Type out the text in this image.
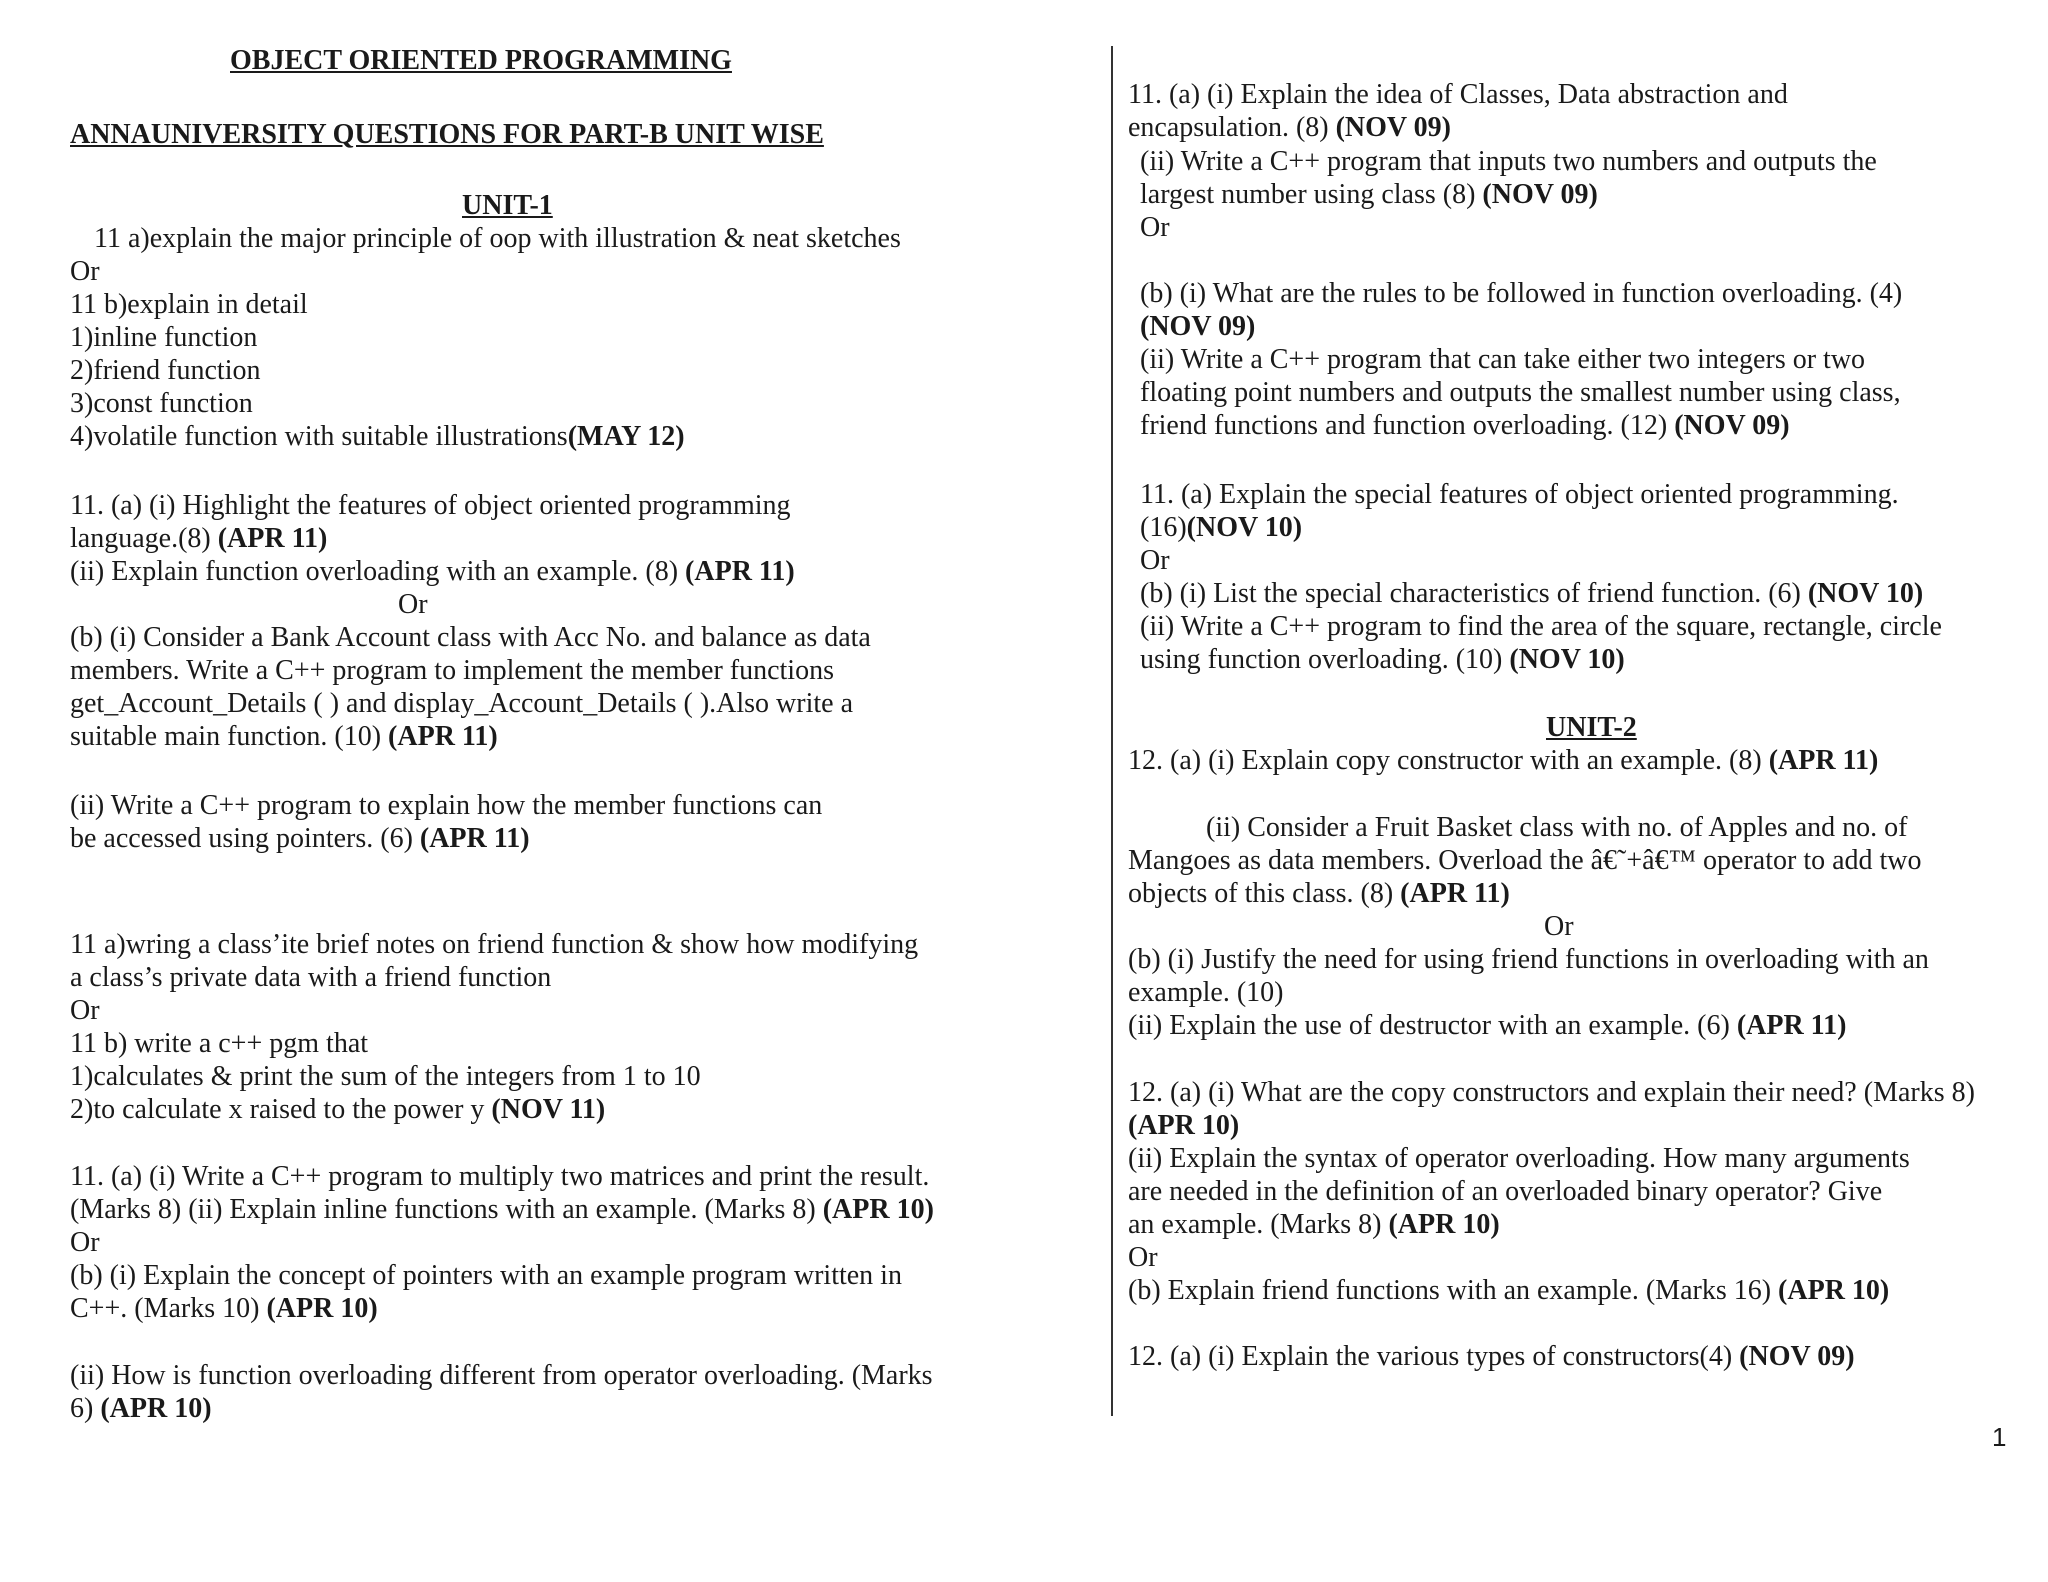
OBJECT ORIENTED PROGRAMMING
ANNAUNIVERSITY QUESTIONS FOR PART-B UNIT WISE
UNIT-1
11 a)explain the major principle of oop with illustration & neat sketches
Or
11 b)explain in detail
1)inline function
2)friend function
3)const function
4)volatile function with suitable illustrations(MAY 12)
11. (a) (i) Highlight the features of object oriented programming
language.(8) (APR 11)
(ii) Explain function overloading with an example. (8) (APR 11)
Or
(b) (i) Consider a Bank Account class with Acc No. and balance as data
members. Write a C++ program to implement the member functions
get_Account_Details ( ) and display_Account_Details ( ).Also write a
suitable main function. (10) (APR 11)
(ii) Write a C++ program to explain how the member functions can
be accessed using pointers. (6) (APR 11)
11 a)wring a class’ite brief notes on friend function & show how modifying
a class’s private data with a friend function
Or
11 b) write a c++ pgm that
1)calculates & print the sum of the integers from 1 to 10
2)to calculate x raised to the power y (NOV 11)
11. (a) (i) Write a C++ program to multiply two matrices and print the result.
(Marks 8) (ii) Explain inline functions with an example. (Marks 8) (APR 10)
Or
(b) (i) Explain the concept of pointers with an example program written in
C++. (Marks 10) (APR 10)
(ii) How is function overloading different from operator overloading. (Marks
6) (APR 10)
11. (a) (i) Explain the idea of Classes, Data abstraction and
encapsulation. (8) (NOV 09)
(ii) Write a C++ program that inputs two numbers and outputs the
largest number using class (8) (NOV 09)
Or
(b) (i) What are the rules to be followed in function overloading. (4)
(NOV 09)
(ii) Write a C++ program that can take either two integers or two
floating point numbers and outputs the smallest number using class,
friend functions and function overloading. (12) (NOV 09)
11. (a) Explain the special features of object oriented programming.
(16)(NOV 10)
Or
(b) (i) List the special characteristics of friend function. (6) (NOV 10)
(ii) Write a C++ program to find the area of the square, rectangle, circle
using function overloading. (10) (NOV 10)
UNIT-2
12. (a) (i) Explain copy constructor with an example. (8) (APR 11)
(ii) Consider a Fruit Basket class with no. of Apples and no. of
Mangoes as data members. Overload the â€˜+â€™ operator to add two
objects of this class. (8) (APR 11)
Or
(b) (i) Justify the need for using friend functions in overloading with an
example. (10)
(ii) Explain the use of destructor with an example. (6) (APR 11)
12. (a) (i) What are the copy constructors and explain their need? (Marks 8)
(APR 10)
(ii) Explain the syntax of operator overloading. How many arguments
are needed in the definition of an overloaded binary operator? Give
an example. (Marks 8) (APR 10)
Or
(b) Explain friend functions with an example. (Marks 16) (APR 10)
12. (a) (i) Explain the various types of constructors(4) (NOV 09)
1
